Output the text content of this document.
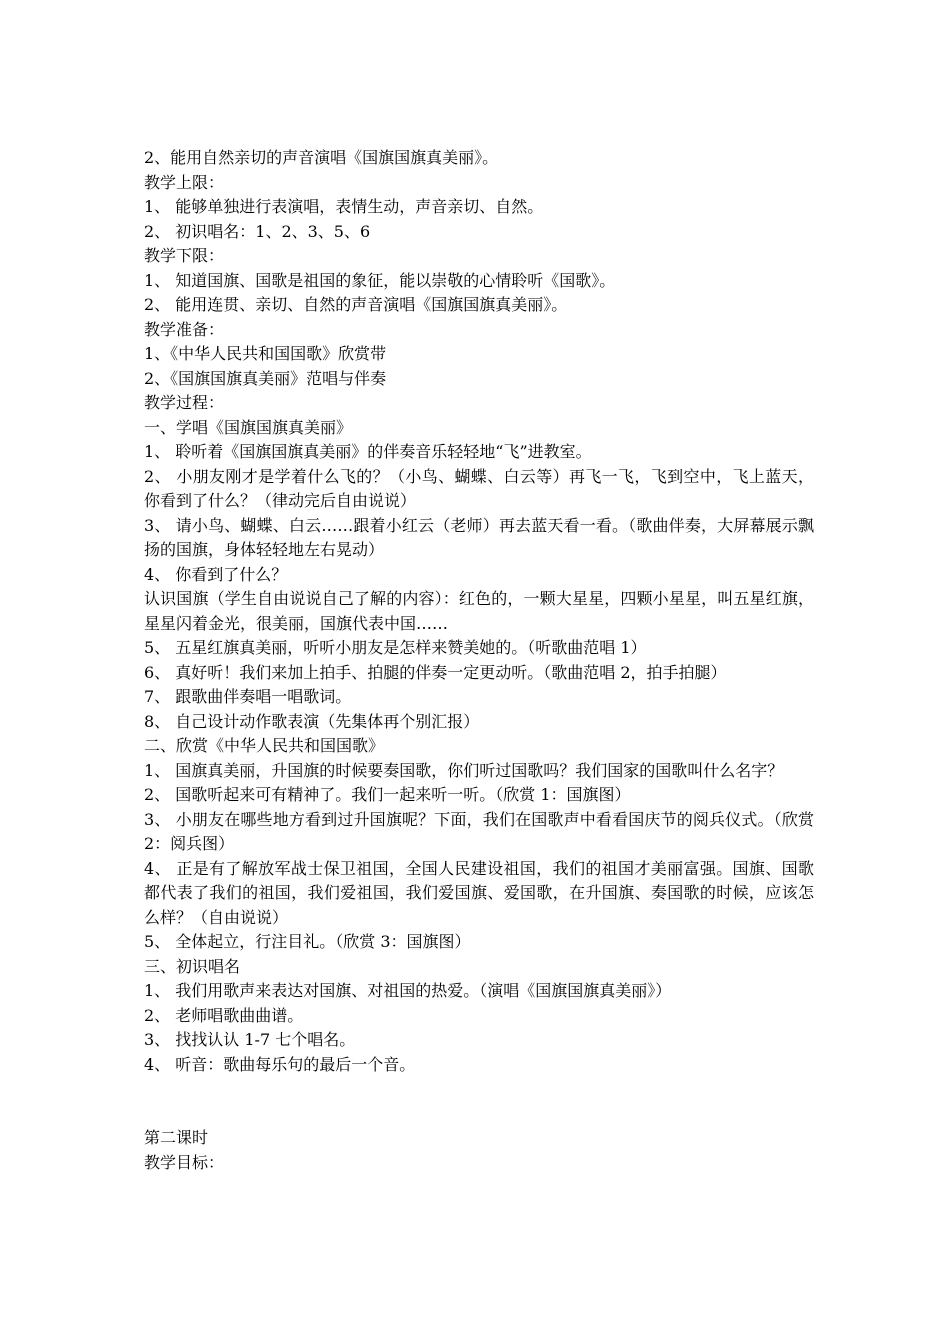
2、能用自然亲切的声音演唱《国旗国旗真美丽》。
教学上限：
1、 能够单独进行表演唱，表情生动，声音亲切、自然。
2、 初识唱名：1、2、3、5、6
教学下限：
1、 知道国旗、国歌是祖国的象征，能以崇敬的心情聆听《国歌》。
2、 能用连贯、亲切、自然的声音演唱《国旗国旗真美丽》。
教学准备：
1、《中华人民共和国国歌》欣赏带
2、《国旗国旗真美丽》范唱与伴奏
教学过程：
一、学唱《国旗国旗真美丽》
1、 聆听着《国旗国旗真美丽》的伴奏音乐轻轻地“飞”进教室。
2、 小朋友刚才是学着什么飞的？（小鸟、蝴蝶、白云等）再飞一飞，飞到空中，飞上蓝天，你看到了什么？（律动完后自由说说）
3、 请小鸟、蝴蝶、白云……跟着小红云（老师）再去蓝天看一看。（歌曲伴奏，大屏幕展示飘扬的国旗，身体轻轻地左右晃动）
4、 你看到了什么？
认识国旗（学生自由说说自己了解的内容）：红色的，一颗大星星，四颗小星星，叫五星红旗，星星闪着金光，很美丽，国旗代表中国……
5、 五星红旗真美丽，听听小朋友是怎样来赞美她的。（听歌曲范唱 1）
6、 真好听！我们来加上拍手、拍腿的伴奏一定更动听。（歌曲范唱 2，拍手拍腿）
7、 跟歌曲伴奏唱一唱歌词。
8、 自己设计动作歌表演（先集体再个别汇报）
二、欣赏《中华人民共和国国歌》
1、 国旗真美丽，升国旗的时候要奏国歌，你们听过国歌吗？我们国家的国歌叫什么名字？
2、 国歌听起来可有精神了。我们一起来听一听。（欣赏 1：国旗图）
3、 小朋友在哪些地方看到过升国旗呢？下面，我们在国歌声中看看国庆节的阅兵仪式。（欣赏 2：阅兵图）
4、 正是有了解放军战士保卫祖国，全国人民建设祖国，我们的祖国才美丽富强。国旗、国歌都代表了我们的祖国，我们爱祖国，我们爱国旗、爱国歌，在升国旗、奏国歌的时候，应该怎么样？（自由说说）
5、 全体起立，行注目礼。（欣赏 3：国旗图）
三、初识唱名
1、 我们用歌声来表达对国旗、对祖国的热爱。（演唱《国旗国旗真美丽》）
2、 老师唱歌曲曲谱。
3、 找找认认 1-7 七个唱名。
4、 听音：歌曲每乐句的最后一个音。
第二课时
教学目标：
